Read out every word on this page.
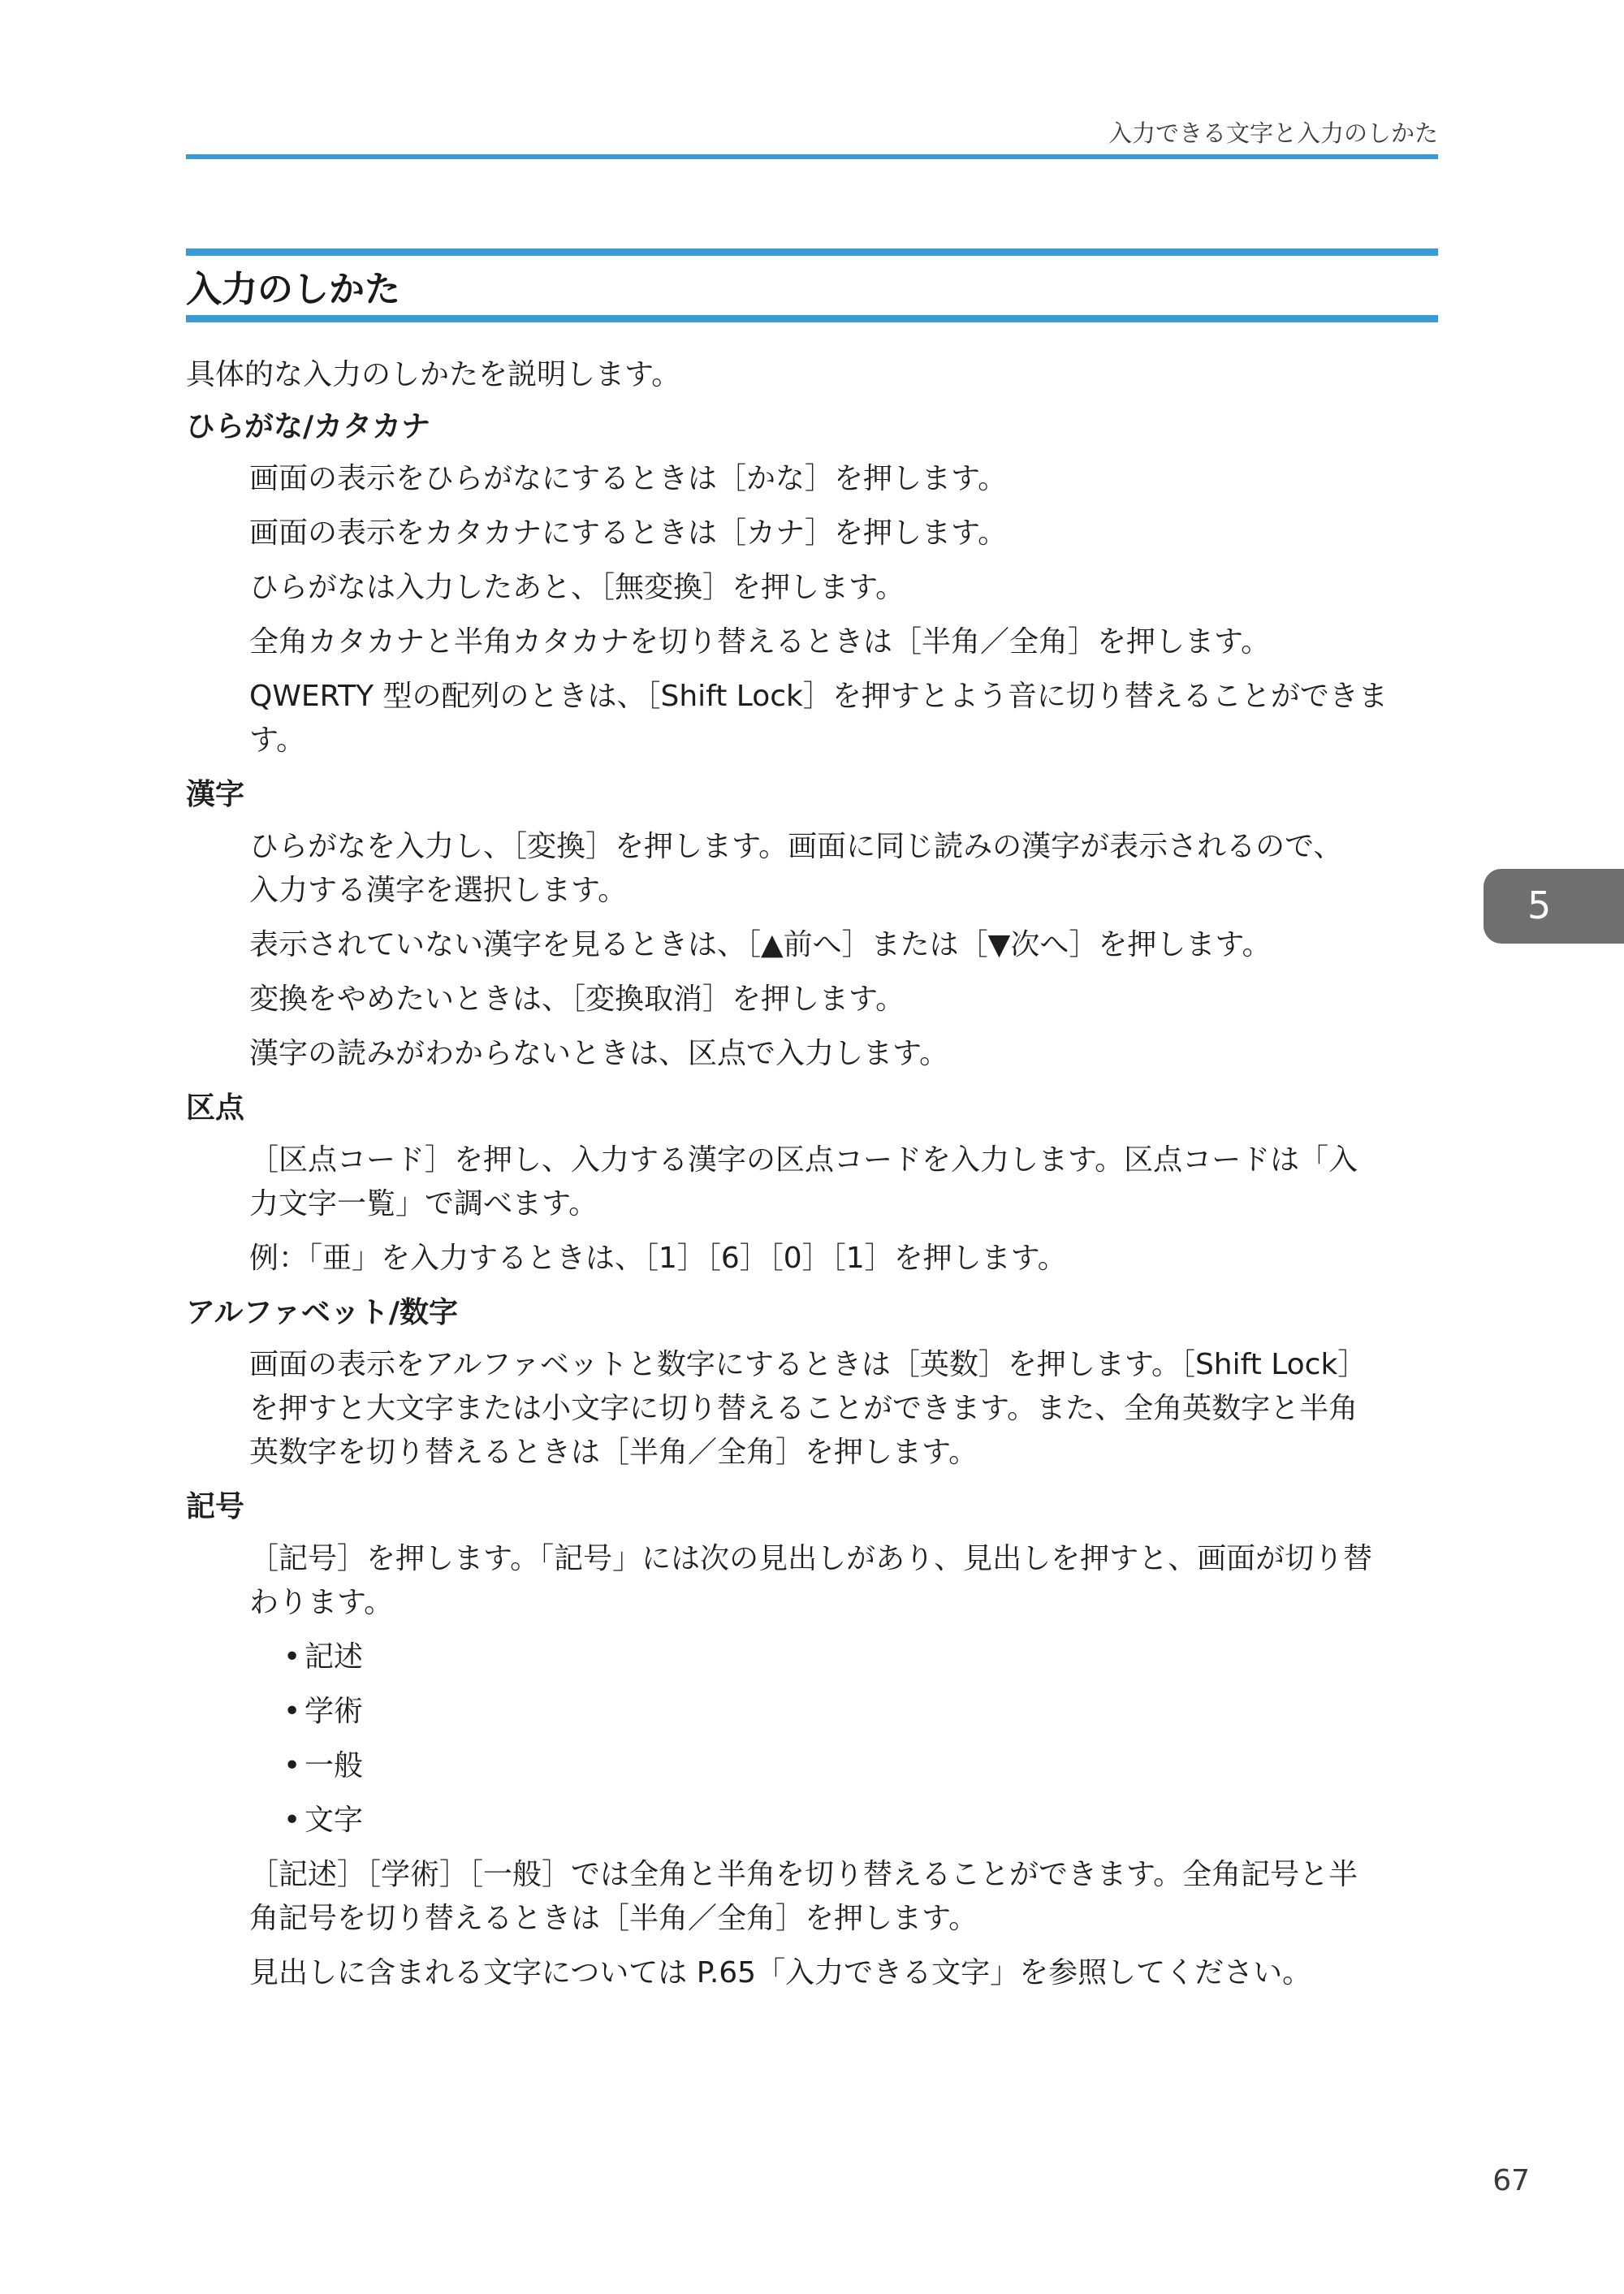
入力できる文字と入力のしかた
入力のしかた
具体的な入力のしかたを説明します。
ひらがな/カタカナ
画面の表示をひらがなにするときは［かな］を押します。
画面の表示をカタカナにするときは［カナ］を押します。
ひらがなは入力したあと、［無変換］を押します。
全角カタカナと半角カタカナを切り替えるときは［半角／全角］を押します。
QWERTY 型の配列のときは、［Shift Lock］を押すとよう音に切り替えることができま
す。
漢字
ひらがなを入力し、［変換］を押します。画面に同じ読みの漢字が表示されるので、
入力する漢字を選択します。
表示されていない漢字を見るときは、［▲前へ］または［▼次へ］を押します。
変換をやめたいときは、［変換取消］を押します。
漢字の読みがわからないときは、区点で入力します。
区点
［区点コード］を押し、入力する漢字の区点コードを入力します。区点コードは「入
力文字一覧」で調べます。
例：「亜」を入力するときは、［1］［6］［0］［1］を押します。
アルファベット/数字
画面の表示をアルファベットと数字にするときは［英数］を押します。［Shift Lock］
を押すと大文字または小文字に切り替えることができます。また、全角英数字と半角
英数字を切り替えるときは［半角／全角］を押します。
記号
［記号］を押します。「記号」には次の見出しがあり、見出しを押すと、画面が切り替
わります。
• 記述
• 学術
• 一般
• 文字
［記述］［学術］［一般］では全角と半角を切り替えることができます。全角記号と半
角記号を切り替えるときは［半角／全角］を押します。
見出しに含まれる文字については P.65「入力できる文字」を参照してください。
5
67
